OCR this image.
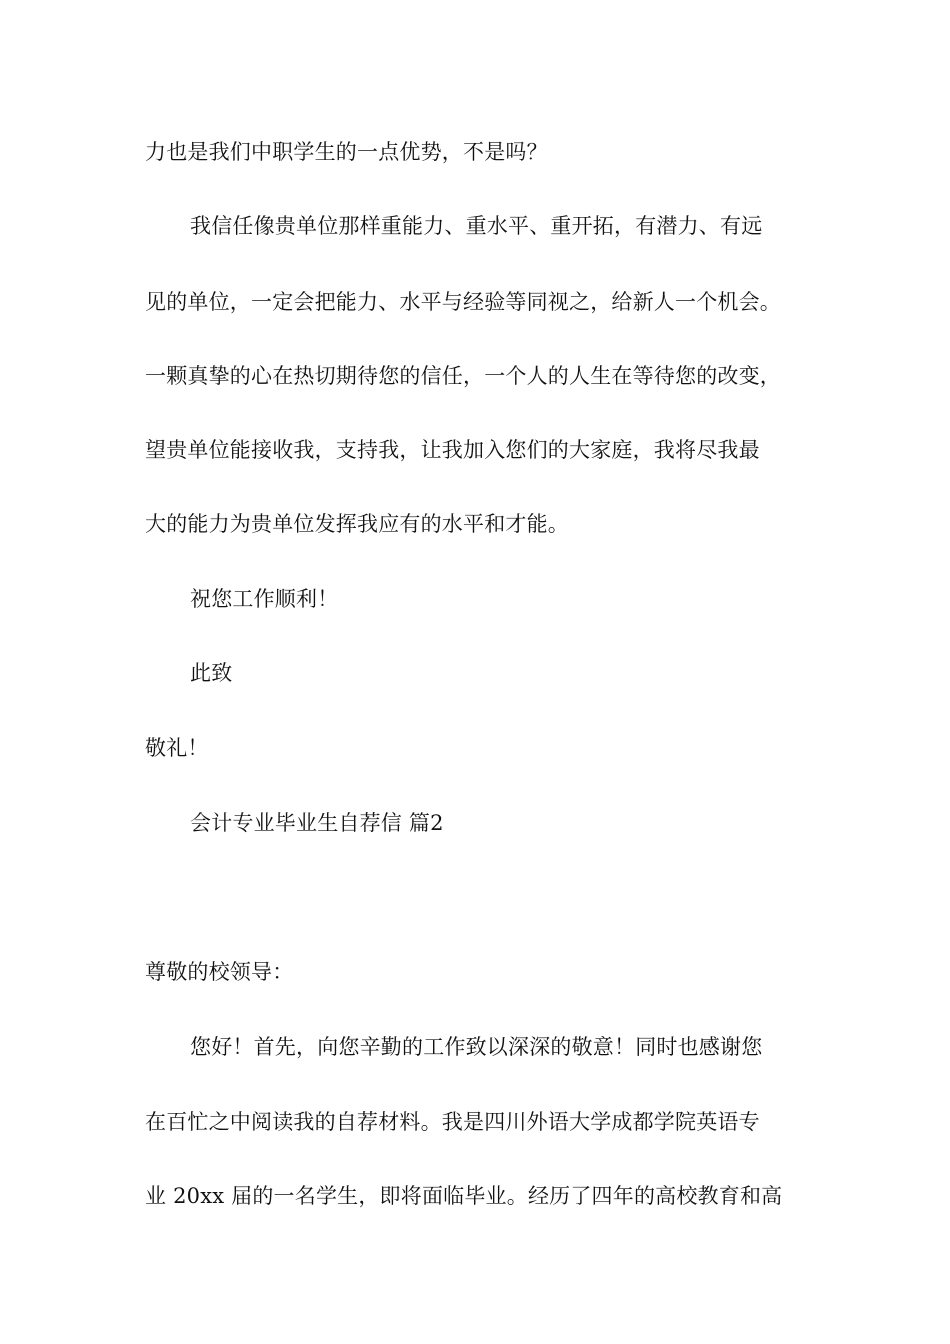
力也是我们中职学生的一点优势，不是吗？
我信任像贵单位那样重能力、重水平、重开拓，有潜力、有远
见的单位，一定会把能力、水平与经验等同视之，给新人一个机会。
一颗真挚的心在热切期待您的信任，一个人的人生在等待您的改变，
望贵单位能接收我，支持我，让我加入您们的大家庭，我将尽我最
大的能力为贵单位发挥我应有的水平和才能。
祝您工作顺利！
此致
敬礼！
会计专业毕业生自荐信 篇2
尊敬的校领导：
您好！首先，向您辛勤的工作致以深深的敬意！同时也感谢您
在百忙之中阅读我的自荐材料。我是四川外语大学成都学院英语专
业 20xx 届的一名学生，即将面临毕业。经历了四年的高校教育和高
